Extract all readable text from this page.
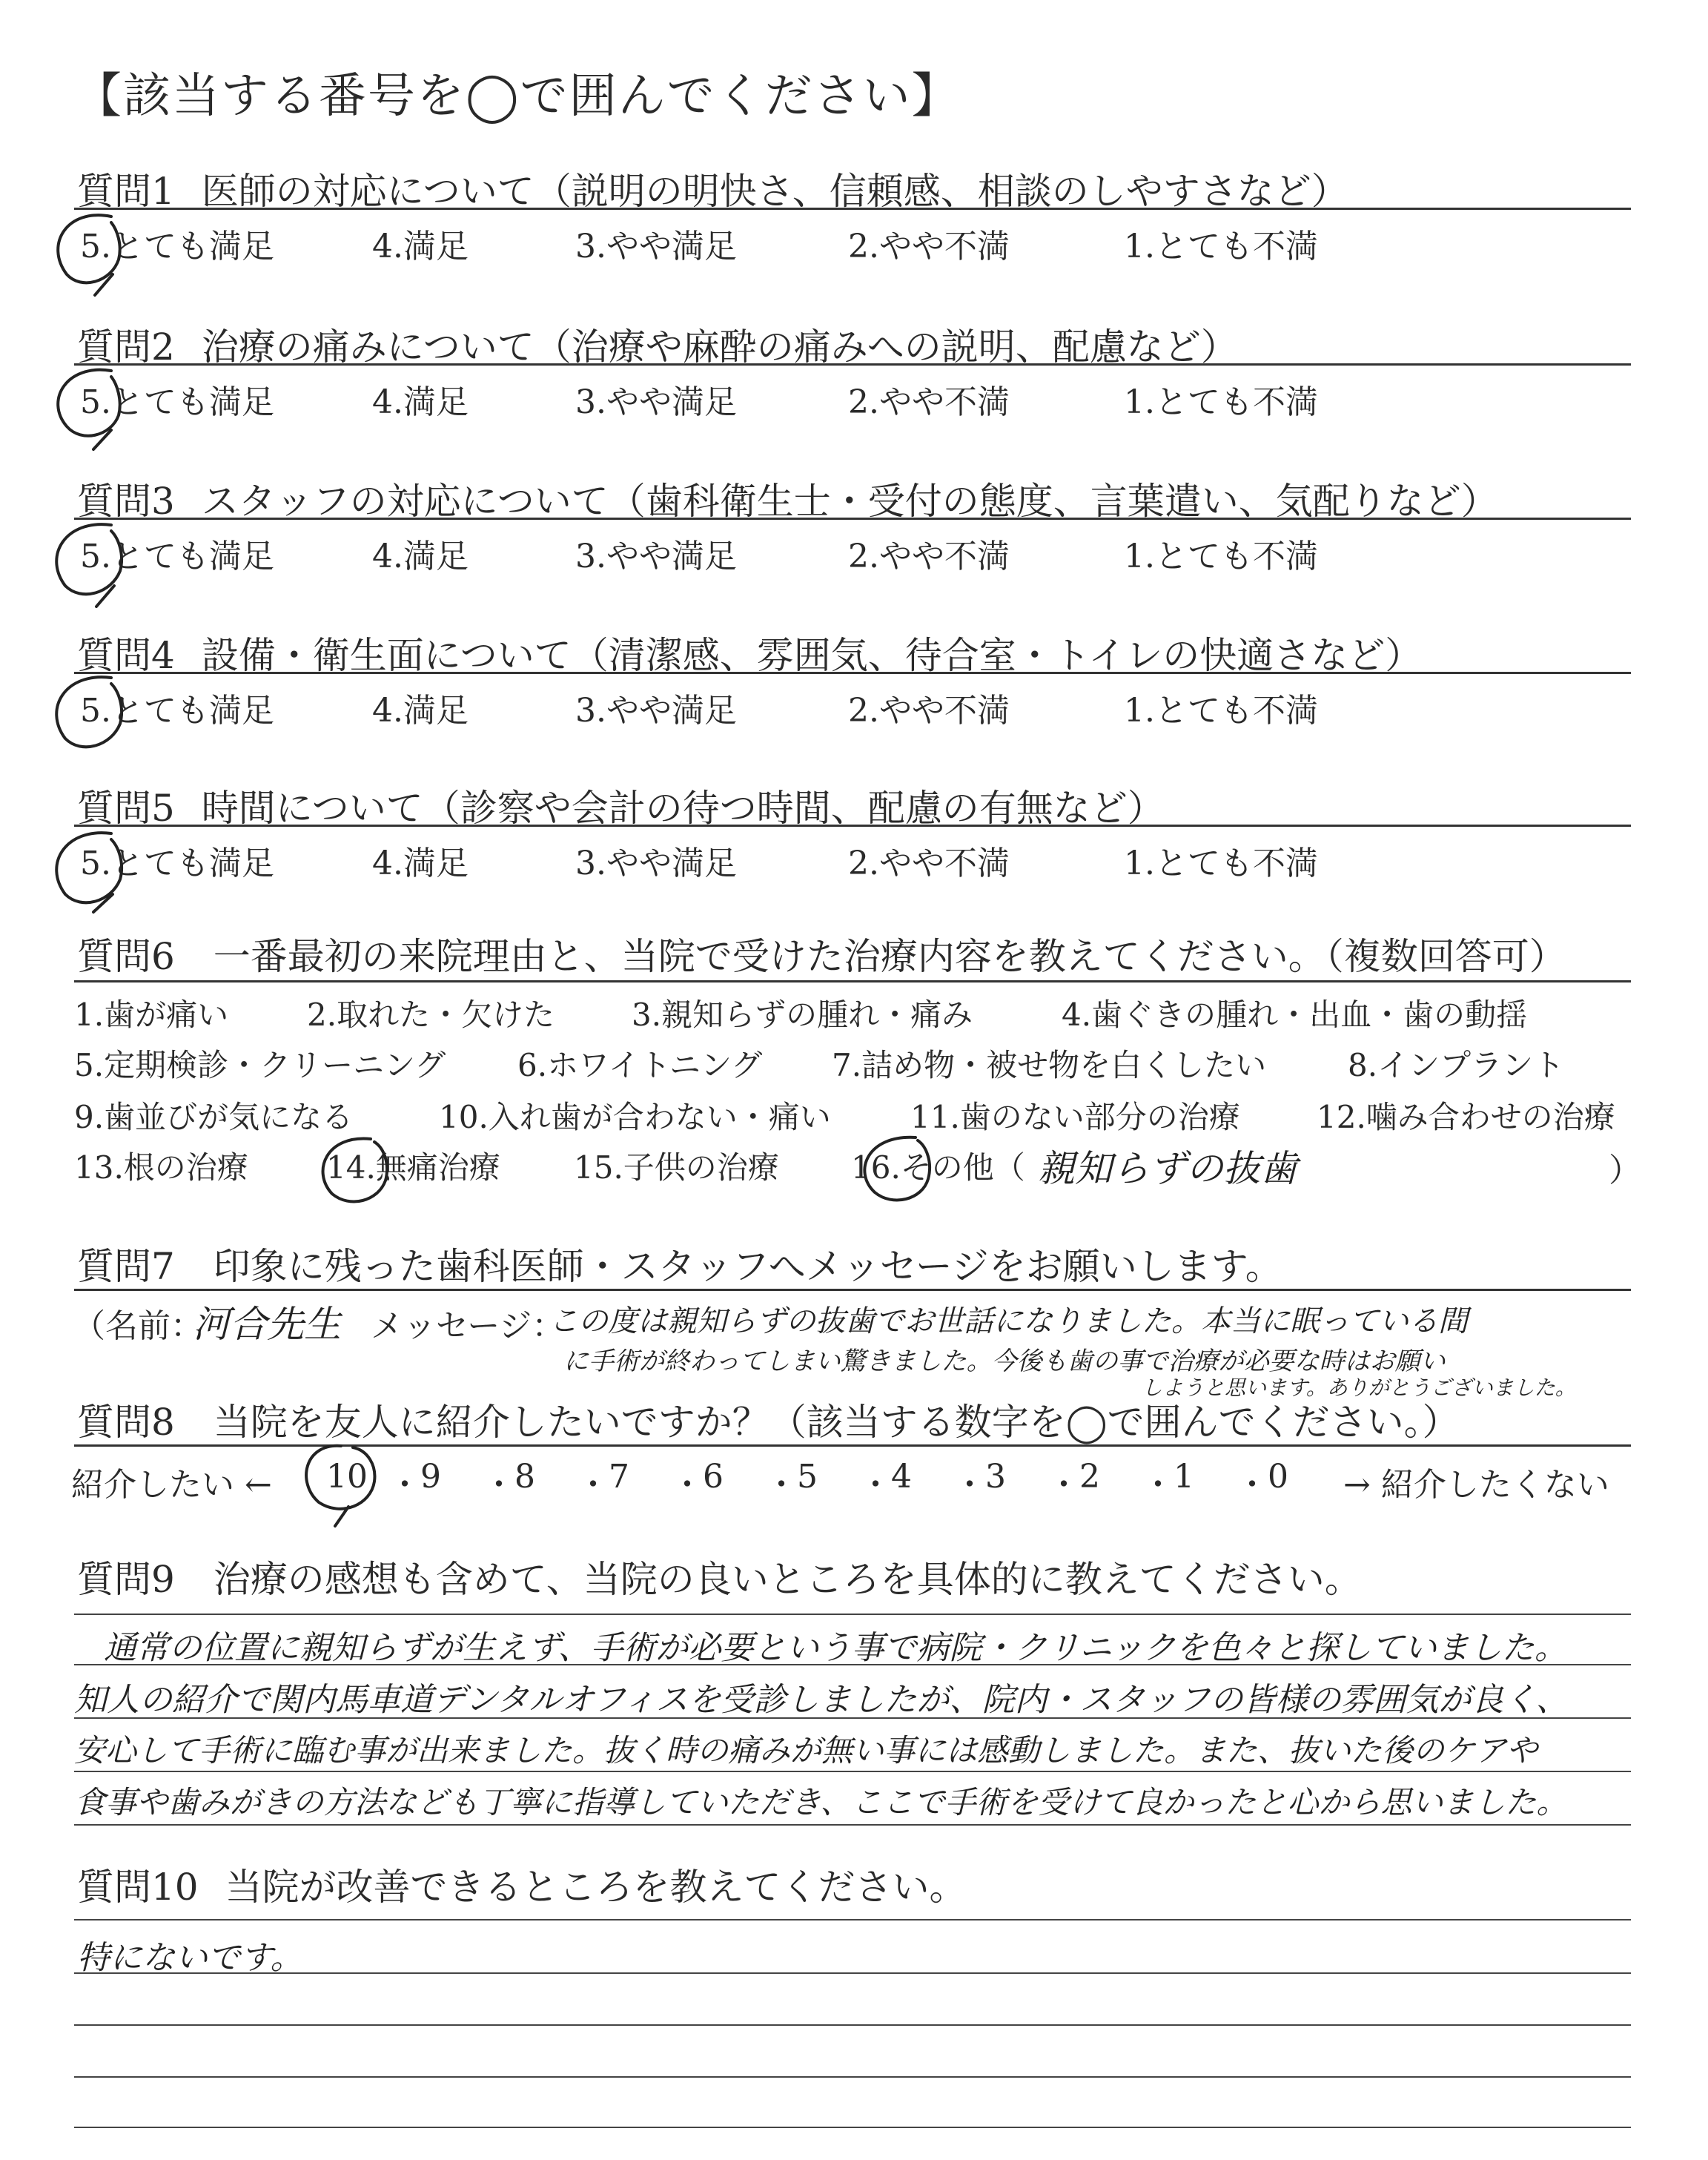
【該当する番号を◯で囲んでください】
質問1 医師の対応について（説明の明快さ、信頼感、相談のしやすさなど）
5.とても満足	4.満足	3.やや満足	2.やや不満	1.とても不満
質問2 治療の痛みについて（治療や麻酔の痛みへの説明、配慮など）
5.とても満足	4.満足	3.やや満足	2.やや不満	1.とても不満
質問3 スタッフの対応について（歯科衛生士・受付の態度、言葉遣い、気配りなど）
5.とても満足	4.満足	3.やや満足	2.やや不満	1.とても不満
質問4 設備・衛生面について（清潔感、雰囲気、待合室・トイレの快適さなど）
5.とても満足	4.満足	3.やや満足	2.やや不満	1.とても不満
質問5 時間について（診察や会計の待つ時間、配慮の有無など）
5.とても満足	4.満足	3.やや満足	2.やや不満	1.とても不満
質問6 一番最初の来院理由と、当院で受けた治療内容を教えてください。（複数回答可）
1.歯が痛い	2.取れた・欠けた 3.親知らずの腫れ・痛み	4.歯ぐきの腫れ・出血・歯の動揺
5.定期検診・クリーニング 6.ホワイトニング 7.詰め物・被せ物を白くしたい	8.インプラント
9.歯並びが気になる	10.入れ歯が合わない・痛い	11.歯のない部分の治療 12.噛み合わせの治療
13.根の治療	14.無痛治療 15.子供の治療 16.その他（	）
親知らずの抜歯
質問7 印象に残った歯科医師・スタッフへメッセージをお願いします。
（名前：
河合先生 メッセージ：
この度は親知らずの抜歯でお世話になりました。本当に眠っている間
に手術が終わってしまい驚きました。今後も歯の事で治療が必要な時はお願い
しようと思います。ありがとうございました。
質問8 当院を友人に紹介したいですか？（該当する数字を◯で囲んでください。）
紹介したい ← 10 ・ 9 ・ 8 ・ 7 ・ 6 ・ 5 ・ 4 ・ 3 ・ 2 ・ 1 ・ 0 → 紹介したくない
質問9 治療の感想も含めて、当院の良いところを具体的に教えてください。
通常の位置に親知らずが生えず、手術が必要という事で病院・クリニックを色々と探していました。
知人の紹介で関内馬車道デンタルオフィスを受診しましたが、院内・スタッフの皆様の雰囲気が良く、
安心して手術に臨む事が出来ました。抜く時の痛みが無い事には感動しました。また、抜いた後のケアや
食事や歯みがきの方法なども丁寧に指導していただき、ここで手術を受けて良かったと心から思いました。
質問10 当院が改善できるところを教えてください。
特にないです。
